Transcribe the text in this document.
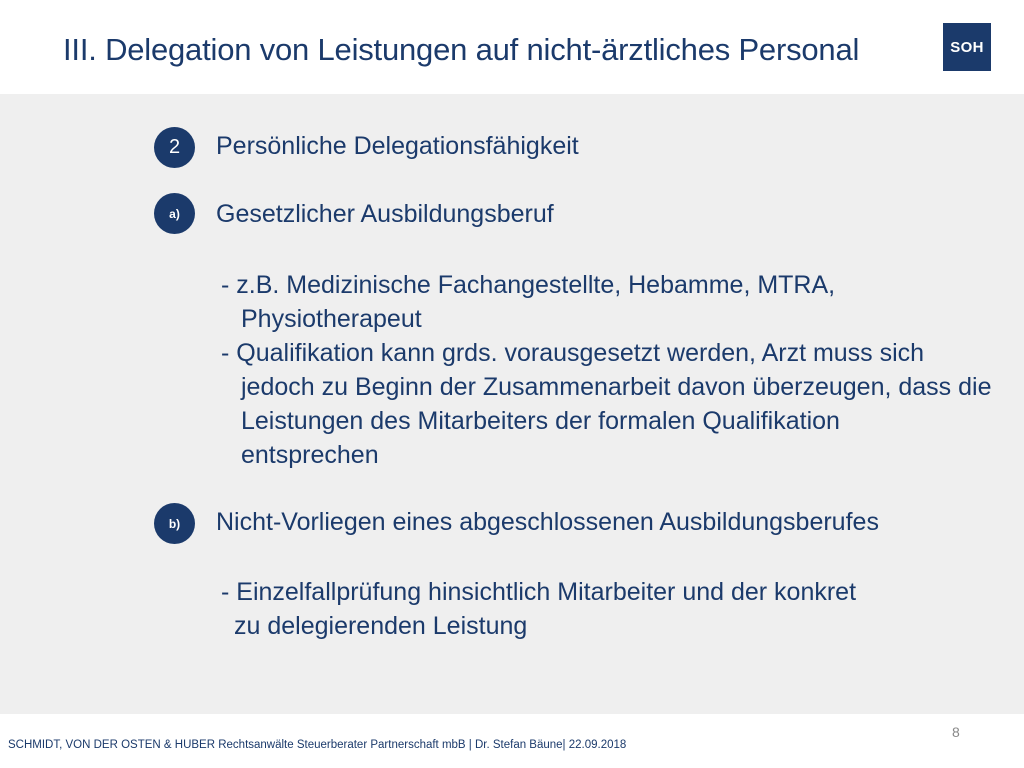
III. Delegation von Leistungen auf nicht-ärztliches Personal	SOH
2	Persönliche Delegationsfähigkeit
a)	Gesetzlicher Ausbildungsberuf
- z.B. Medizinische Fachangestellte, Hebamme, MTRA,
Physiotherapeut
- Qualifikation kann grds. vorausgesetzt werden, Arzt muss sich
jedoch zu Beginn der Zusammenarbeit davon überzeugen, dass die
Leistungen des Mitarbeiters der formalen Qualifikation
entsprechen
b)	Nicht-Vorliegen eines abgeschlossenen Ausbildungsberufes
- Einzelfallprüfung hinsichtlich Mitarbeiter und der konkret
zu delegierenden Leistung
8
SCHMIDT, VON DER OSTEN & HUBER Rechtsanwälte Steuerberater Partnerschaft mbB | Dr. Stefan Bäune| 22.09.2018
